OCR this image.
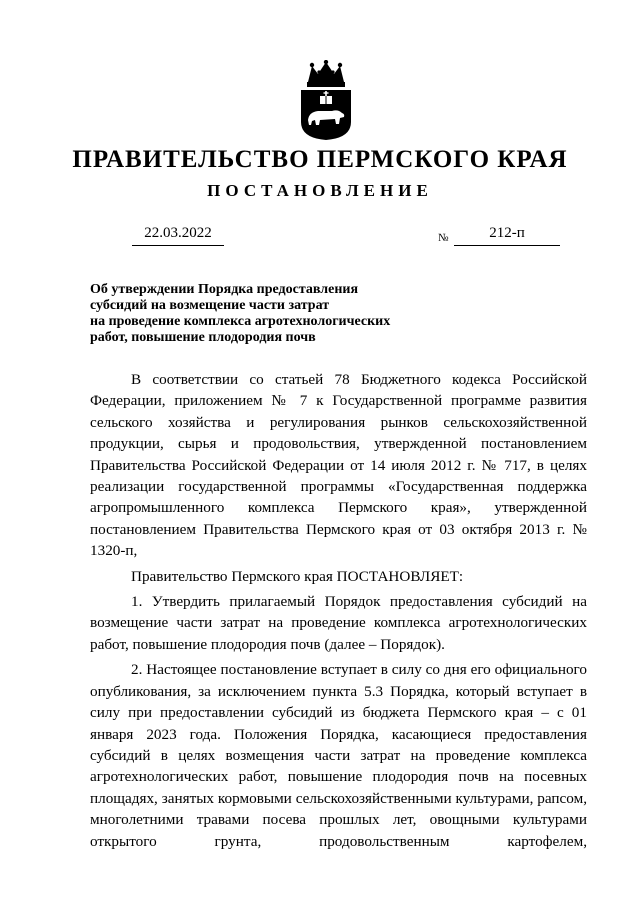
ПРАВИТЕЛЬСТВО ПЕРМСКОГО КРАЯ
ПОСТАНОВЛЕНИЕ
22.03.2022	№	212-п
Об утверждении Порядка предоставления
субсидий на возмещение части затрат
на проведение комплекса агротехнологических
работ, повышение плодородия почв

В соответствии со статьей 78 Бюджетного кодекса Российской Федерации, приложением № 7 к Государственной программе развития сельского хозяйства и регулирования рынков сельскохозяйственной продукции, сырья и продовольствия, утвержденной постановлением Правительства Российской Федерации от 14 июля 2012 г. № 717, в целях реализации государственной программы «Государственная поддержка агропромышленного комплекса Пермского края», утвержденной постановлением Правительства Пермского края от 03 октября 2013 г. № 1320-п,

Правительство Пермского края ПОСТАНОВЛЯЕТ:

1. Утвердить прилагаемый Порядок предоставления субсидий на возмещение части затрат на проведение комплекса агротехнологических работ, повышение плодородия почв (далее – Порядок).

2. Настоящее постановление вступает в силу со дня его официального опубликования, за исключением пункта 5.3 Порядка, который вступает в силу при предоставлении субсидий из бюджета Пермского края – с 01 января 2023 года. Положения Порядка, касающиеся предоставления субсидий в целях возмещения части затрат на проведение комплекса агротехнологических работ, повышение плодородия почв на посевных площадях, занятых кормовыми сельскохозяйственными культурами, рапсом, многолетними травами посева прошлых лет, овощными культурами открытого грунта, продовольственным картофелем,
